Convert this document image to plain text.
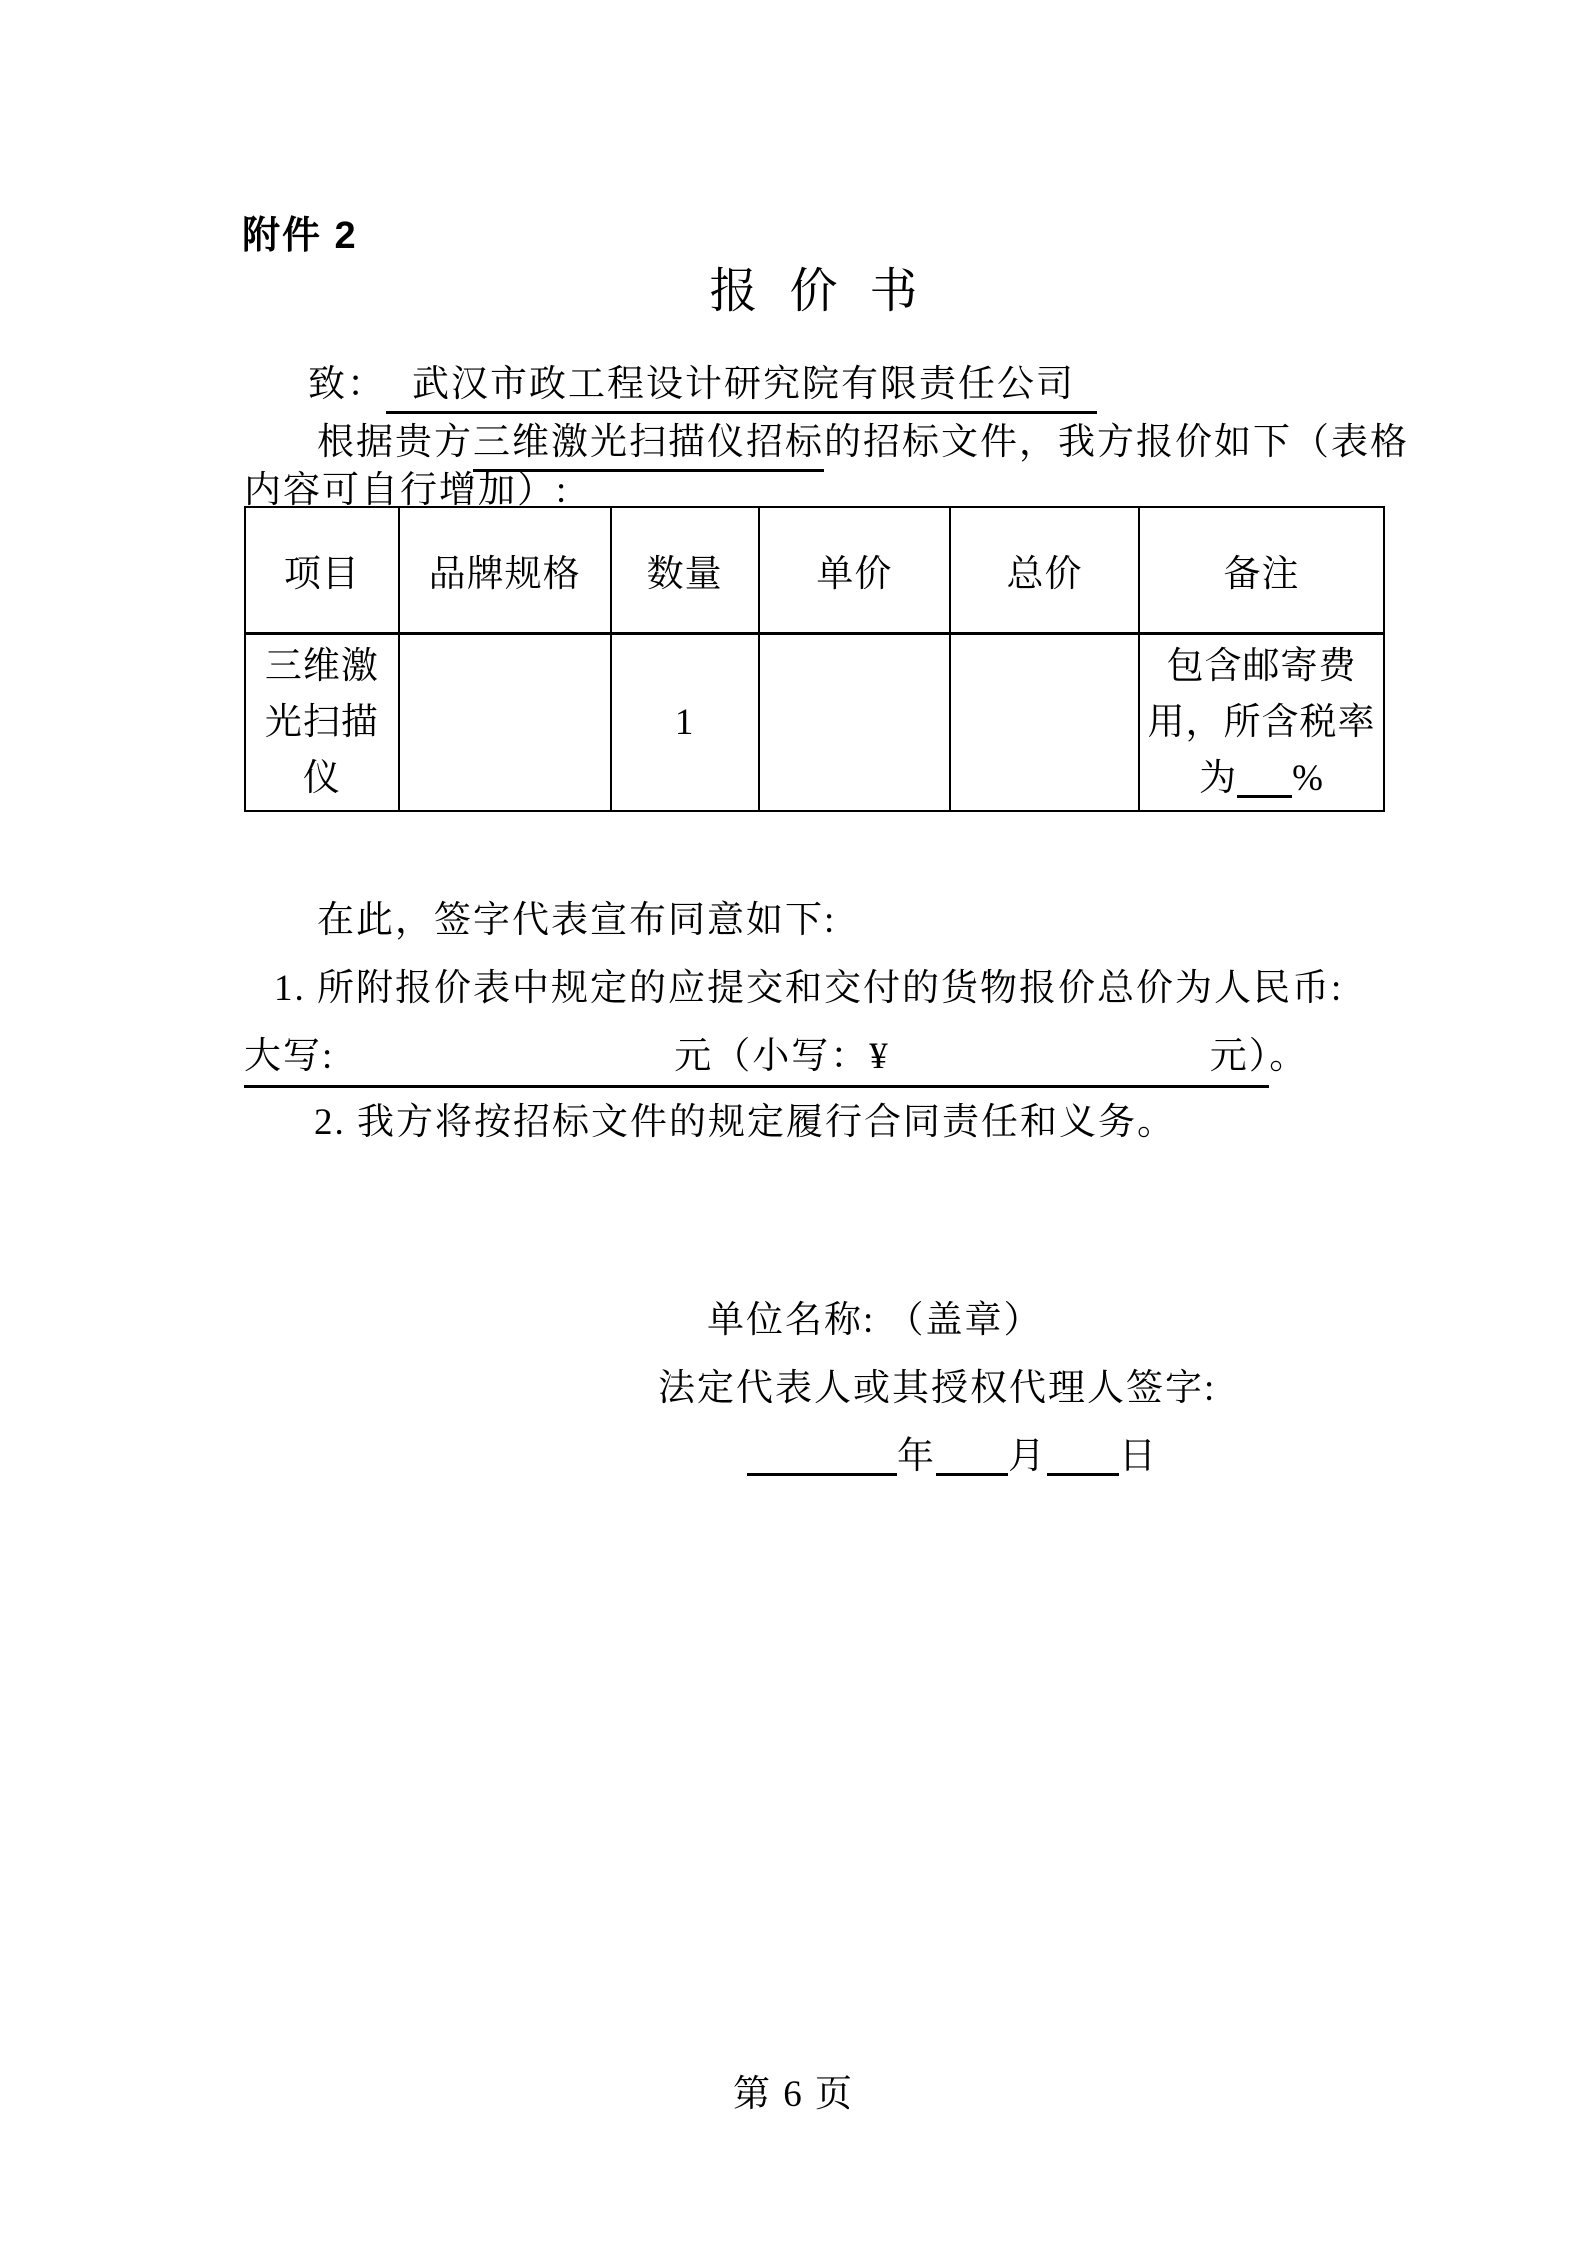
附件 2
报 价 书
致： 武汉市政工程设计研究院有限责任公司
根据贵方三维激光扫描仪招标的招标文件，我方报价如下（表格
内容可自行增加）:
项目	品牌规格	数量	单价	总价	备注
三维激光扫描仪		1			包含邮寄费用，所含税率为 %
在此，签字代表宣布同意如下:
1. 所附报价表中规定的应提交和交付的货物报价总价为人民币:
大写:	元（小写：¥	元）。
2. 我方将按招标文件的规定履行合同责任和义务。
单位名称: （盖章）
法定代表人或其授权代理人签字:
年 月 日
第 6 页
